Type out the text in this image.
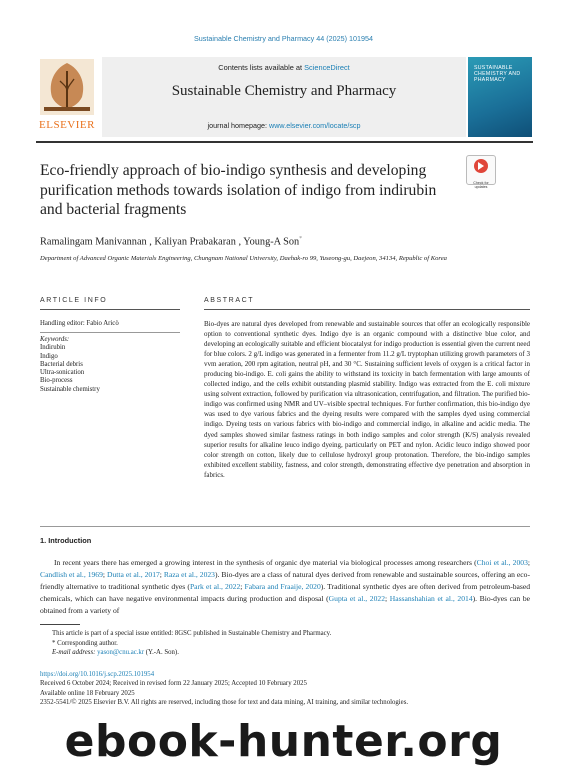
Sustainable Chemistry and Pharmacy 44 (2025) 101954
ELSEVIER
Contents lists available at ScienceDirect
Sustainable Chemistry and Pharmacy
journal homepage: www.elsevier.com/locate/scp
SUSTAINABLE CHEMISTRY AND PHARMACY
Eco-friendly approach of bio-indigo synthesis and developing purification methods towards isolation of indigo from indirubin and bacterial fragments
Check for updates
Ramalingam Manivannan , Kaliyan Prabakaran , Young-A Son*
Department of Advanced Organic Materials Engineering, Chungnam National University, Daehak-ro 99, Yuseong-gu, Daejeon, 34134, Republic of Korea
ARTICLE INFO
Handling editor: Fabio Aricò
Keywords:
Indirubin
Indigo
Bacterial debris
Ultra-sonication
Bio-process
Sustainable chemistry
ABSTRACT
Bio-dyes are natural dyes developed from renewable and sustainable sources that offer an ecologically responsible option to conventional synthetic dyes. Indigo dye is an organic compound with a distinctive blue color, and developing an ecologically suitable and efficient biocatalyst for indigo production is essential given the current need for blue colors. 2 g/L indigo was generated in a fermenter from 11.2 g/L tryptophan utilizing growth parameters of 3 vvm aeration, 200 rpm agitation, neutral pH, and 30 °C. Sustaining sufficient levels of oxygen is a critical factor in producing bio-indigo. E. coli gains the ability to withstand its toxicity in batch fermentation with large amounts of collected indigo, and the cells exhibit outstanding plasmid stability. Indigo was extracted from the E. coli mixture using solvent extraction, followed by purification via ultrasonication, centrifugation, and filtration. The purified bio-indigo was confirmed using NMR and UV–visible spectral techniques. For further confirmation, this bio-indigo dye was used to dye various fabrics and the dyeing results were compared with the samples dyed using commercial indigo. Dyeing tests on various fabrics with bio-indigo and commercial indigo, in alkaline and acidic media. The dyed samples showed similar fastness ratings in both indigo samples and color strength (K/S) analysis revealed superior results for alkaline leuco indigo dyeing, particularly on PET and nylon. Acidic leuco indigo showed poor color strength on cotton, likely due to cellulose hydroxyl group protonation. Therefore, the bio-indigo samples exhibited excellent stability, fastness, and color strength, demonstrating effective dye penetration and absorption in fabrics.
1. Introduction
In recent years there has emerged a growing interest in the synthesis of organic dye material via biological processes among researchers (Choi et al., 2003; Candlish et al., 1969; Dutta et al., 2017; Raza et al., 2023). Bio-dyes are a class of natural dyes derived from renewable and sustainable sources, offering an eco-friendly alternative to traditional synthetic dyes (Park et al., 2022; Fabara and Fraaije, 2020). Traditional synthetic dyes are often derived from petroleum-based chemicals, which can have negative environmental impacts during production and disposal (Gupta et al., 2022; Hassanshahian et al., 2014). Bio-dyes can be obtained from a variety of
This article is part of a special issue entitled: 8GSC published in Sustainable Chemistry and Pharmacy.
* Corresponding author.
E-mail address: yason@cnu.ac.kr (Y.-A. Son).
https://doi.org/10.1016/j.scp.2025.101954
Received 6 October 2024; Received in revised form 22 January 2025; Accepted 10 February 2025
Available online 18 February 2025
2352-5541/© 2025 Elsevier B.V. All rights are reserved, including those for text and data mining, AI training, and similar technologies.
ebook-hunter.org
